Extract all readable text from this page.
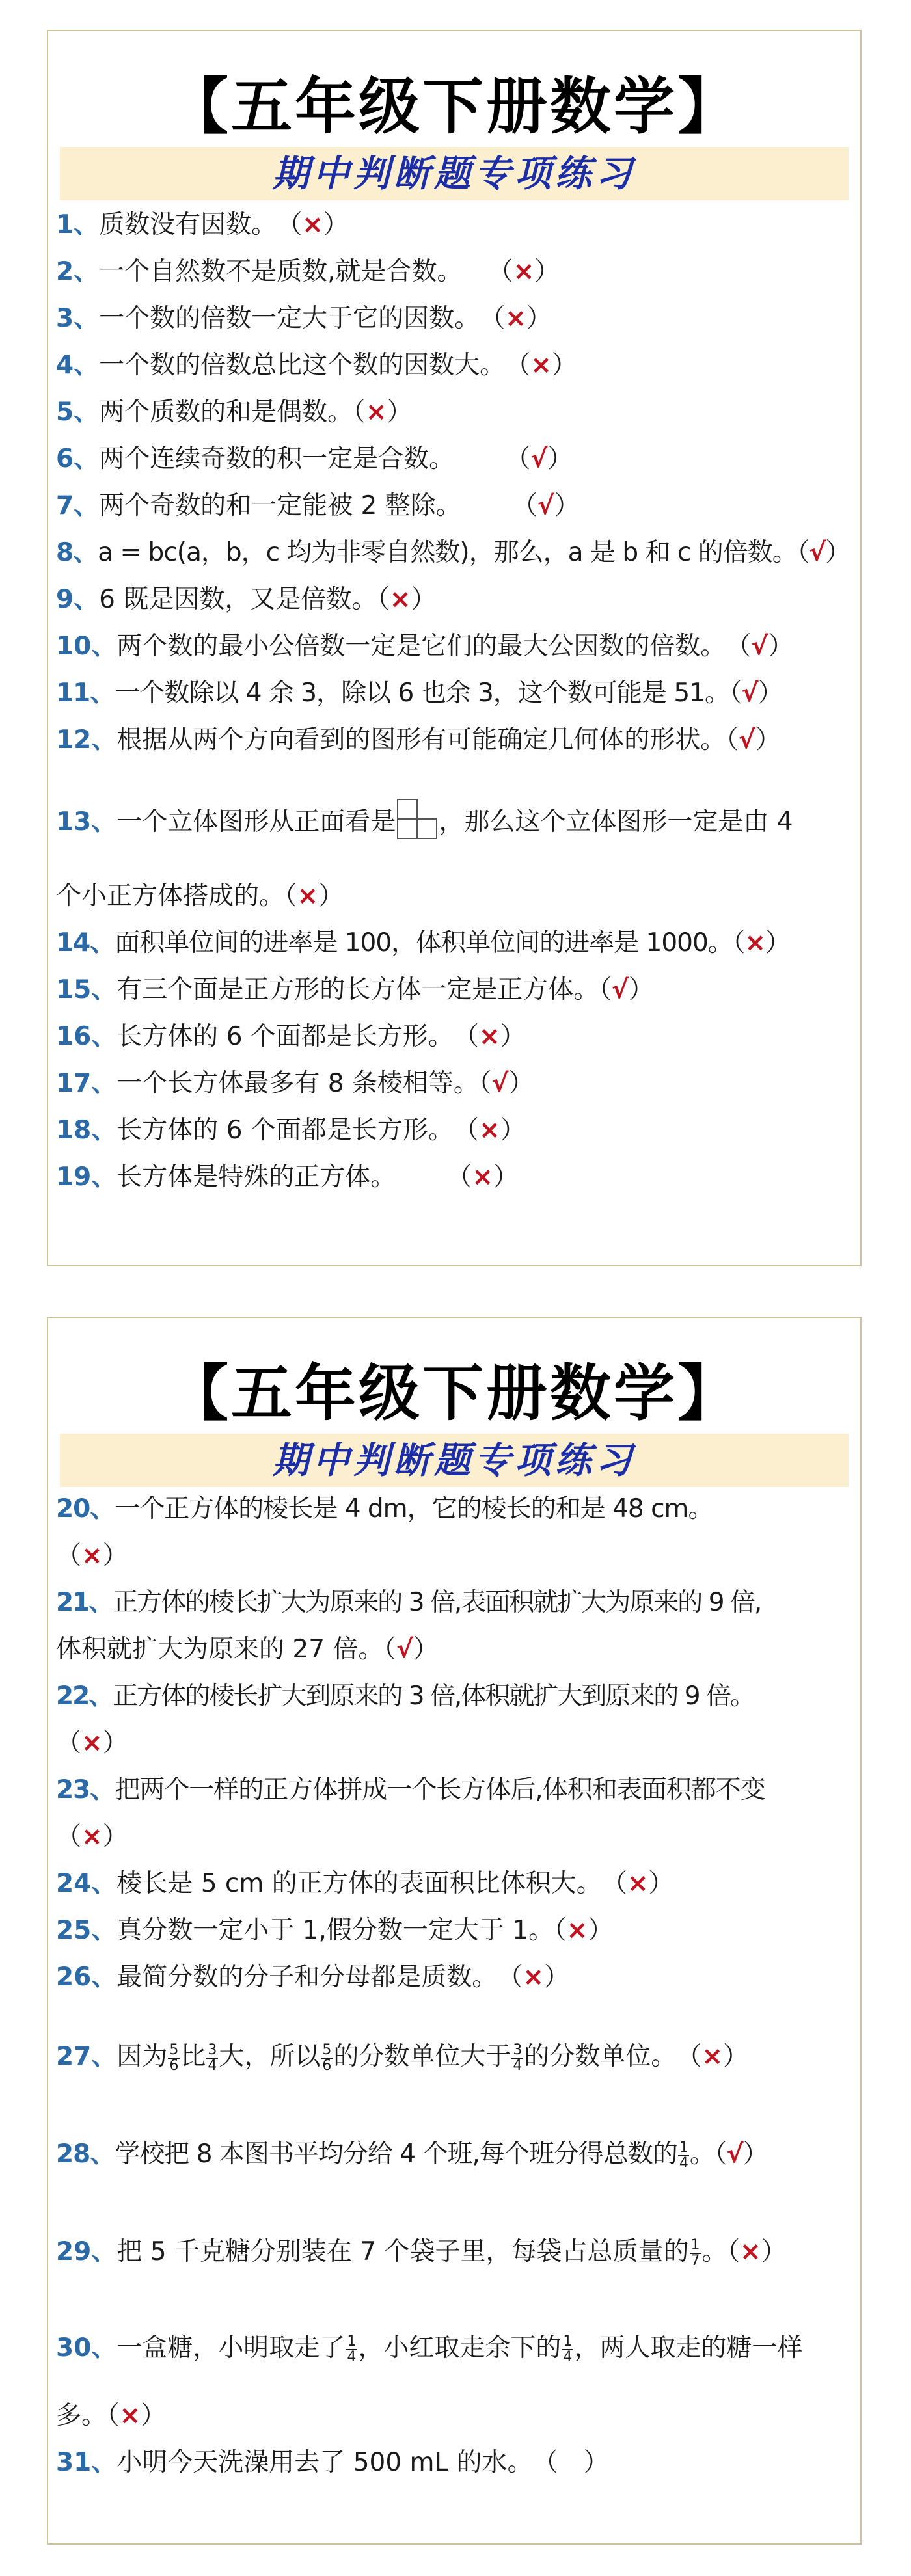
【五年级下册数学】
期中判断题专项练习
1、质数没有因数。　 （×）
2、一个自然数不是质数,就是合数。　　 （×）
3、一个数的倍数一定大于它的因数。　 （×）
4、一个数的倍数总比这个数的因数大。　 （×）
5、两个质数的和是偶数。（×）
6、两个连续奇数的积一定是合数。　　　	（√）
7、两个奇数的和一定能被 2 整除。　　　	（√）
8、a = bc(a，b，c 均为非零自然数)，那么，a 是 b 和 c 的倍数。（√）
9、6 既是因数，又是倍数。（×）
10、两个数的最小公倍数一定是它们的最大公因数的倍数。　 （√）
11、一个数除以 4 余 3，除以 6 也余 3，这个数可能是 51。（√）
12、根据从两个方向看到的图形有可能确定几何体的形状。（√）
13、一个立体图形从正面看是 ，那么这个立体图形一定是由 4
个小正方体搭成的。（×）
14、面积单位间的进率是 100，体积单位间的进率是 1000。（×）
15、有三个面是正方形的长方体一定是正方体。（√）
16、长方体的 6 个面都是长方形。　 （×）
17、一个长方体最多有 8 条棱相等。（√）
18、长方体的 6 个面都是长方形。　 （×）
19、长方体是特殊的正方体。　　　	（×）
【五年级下册数学】
期中判断题专项练习
20、一个正方体的棱长是 4 dm，它的棱长的和是 48 cm。
（×）
21、正方体的棱长扩大为原来的 3 倍,表面积就扩大为原来的 9 倍,
体积就扩大为原来的 27 倍。（√）
22、正方体的棱长扩大到原来的 3 倍,体积就扩大到原来的 9 倍。
（×）
23、把两个一样的正方体拼成一个长方体后,体积和表面积都不变
（×）
24、棱长是 5 cm 的正方体的表面积比体积大。　 （×）
25、真分数一定小于 1,假分数一定大于 1。（×）
26、最简分数的分子和分母都是质数。　 （×）
27、因为 $\frac{5}{6}$ 比 $\frac{3}{4}$ 大，所以 $\frac{5}{6}$ 的分数单位大于 $\frac{3}{4}$ 的分数单位。　 （×）
28、学校把 8 本图书平均分给 4 个班,每个班分得总数的 $\frac{1}{4}$ 。（√）
29、把 5 千克糖分别装在 7 个袋子里，每袋占总质量的 $\frac{1}{7}$ 。（×）
30、一盒糖，小明取走了 $\frac{1}{4}$ ，小红取走余下的 $\frac{1}{4}$ ，两人取走的糖一样
多。（×）
31、小明今天洗澡用去了 500 mL 的水。　 （　 ）
